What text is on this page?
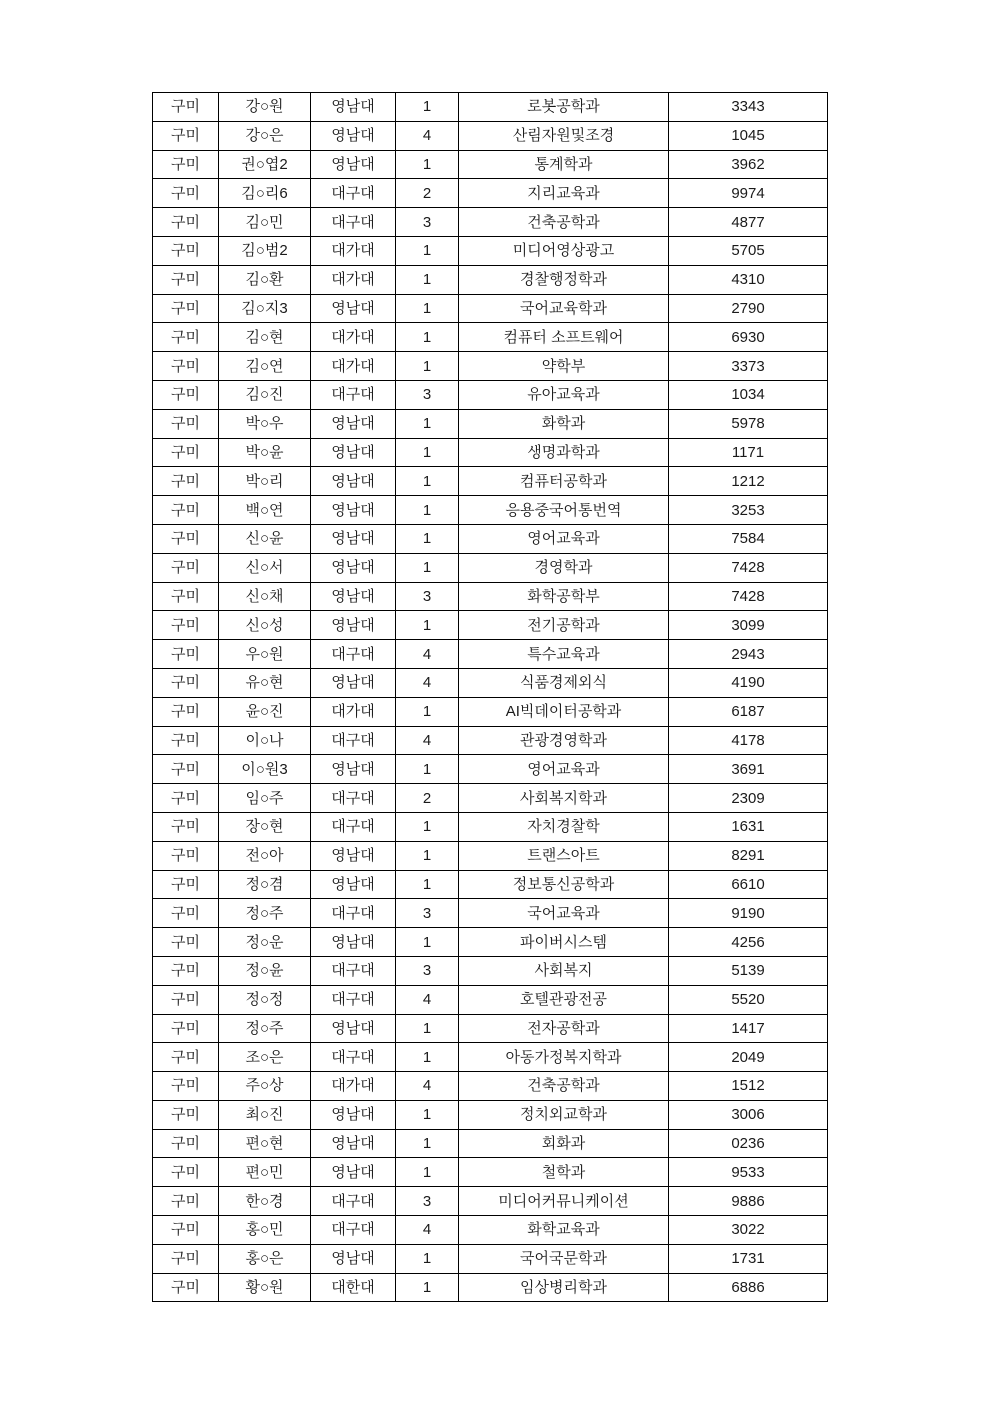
구미	강○원	영남대	1	로봇공학과	3343
구미	강○은	영남대	4	산림자원및조경	1045
구미	권○엽2	영남대	1	통계학과	3962
구미	김○리6	대구대	2	지리교육과	9974
구미	김○민	대구대	3	건축공학과	4877
구미	김○범2	대가대	1	미디어영상광고	5705
구미	김○환	대가대	1	경찰행정학과	4310
구미	김○지3	영남대	1	국어교육학과	2790
구미	김○현	대가대	1	컴퓨터 소프트웨어	6930
구미	김○연	대가대	1	약학부	3373
구미	김○진	대구대	3	유아교육과	1034
구미	박○우	영남대	1	화학과	5978
구미	박○윤	영남대	1	생명과학과	1171
구미	박○리	영남대	1	컴퓨터공학과	1212
구미	백○연	영남대	1	응용중국어통번역	3253
구미	신○윤	영남대	1	영어교육과	7584
구미	신○서	영남대	1	경영학과	7428
구미	신○채	영남대	3	화학공학부	7428
구미	신○성	영남대	1	전기공학과	3099
구미	우○원	대구대	4	특수교육과	2943
구미	유○현	영남대	4	식품경제외식	4190
구미	윤○진	대가대	1	AI빅데이터공학과	6187
구미	이○나	대구대	4	관광경영학과	4178
구미	이○원3	영남대	1	영어교육과	3691
구미	임○주	대구대	2	사회복지학과	2309
구미	장○현	대구대	1	자치경찰학	1631
구미	전○아	영남대	1	트랜스아트	8291
구미	정○겸	영남대	1	정보통신공학과	6610
구미	정○주	대구대	3	국어교육과	9190
구미	정○운	영남대	1	파이버시스템	4256
구미	정○윤	대구대	3	사회복지	5139
구미	정○정	대구대	4	호텔관광전공	5520
구미	정○주	영남대	1	전자공학과	1417
구미	조○은	대구대	1	아동가정복지학과	2049
구미	주○상	대가대	4	건축공학과	1512
구미	최○진	영남대	1	정치외교학과	3006
구미	편○현	영남대	1	회화과	0236
구미	편○민	영남대	1	철학과	9533
구미	한○경	대구대	3	미디어커뮤니케이션	9886
구미	홍○민	대구대	4	화학교육과	3022
구미	홍○은	영남대	1	국어국문학과	1731
구미	황○원	대한대	1	임상병리학과	6886
